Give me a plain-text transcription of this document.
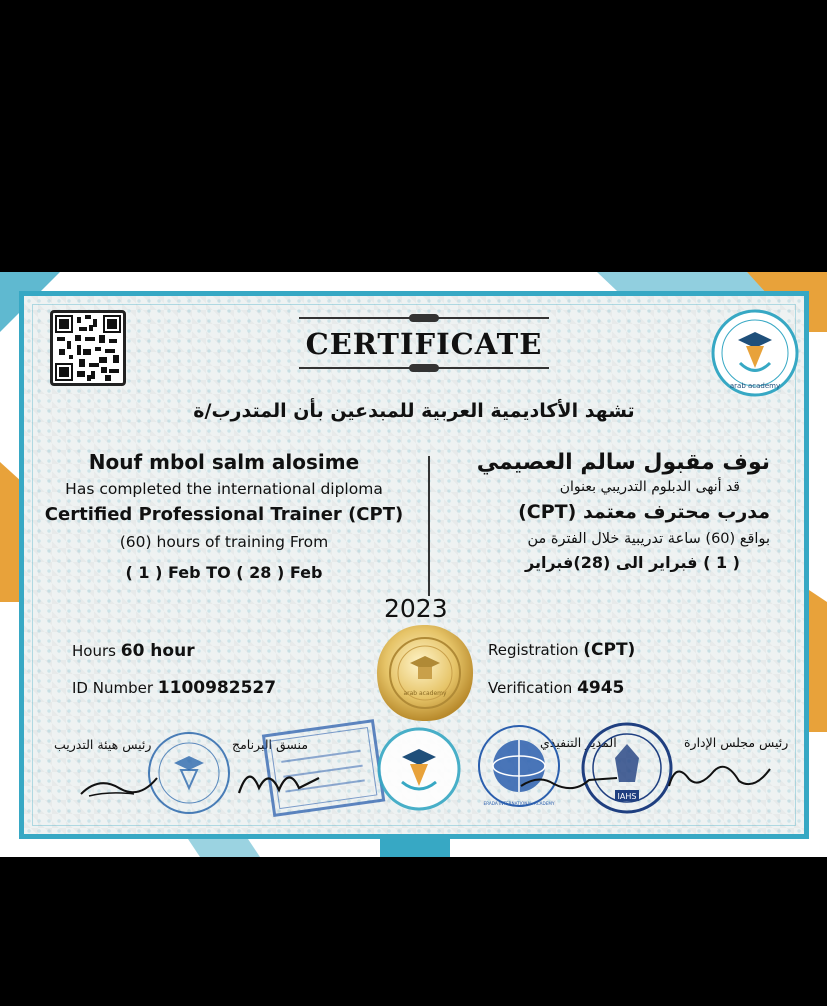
CERTIFICATE
arab academy
تشهد الأكاديمية العربية للمبدعين بأن المتدرب/ة
Nouf mbol salm alosime
Has completed the international diploma
Certified Professional Trainer (CPT)
(60) hours of training From
( 1 ) Feb TO ( 28 ) Feb
نوف مقبول سالم العصيمي
قد أنهى الدبلوم التدريبي بعنوان
مدرب محترف معتمد (CPT)
بواقع (60) ساعة تدريبية خلال الفترة من
( 1 ) فبراير الى (28)فبراير
2023
arab academy
Hours 60 hour
ID Number 1100982527
Registration (CPT)
Verification 4945
رئيس هيئة التدريب	منسق البرنامج	المدير التنفيذي	رئيس مجلس الإدارة
ERADA INTERNATIONAL ACADEMY
IAHS
